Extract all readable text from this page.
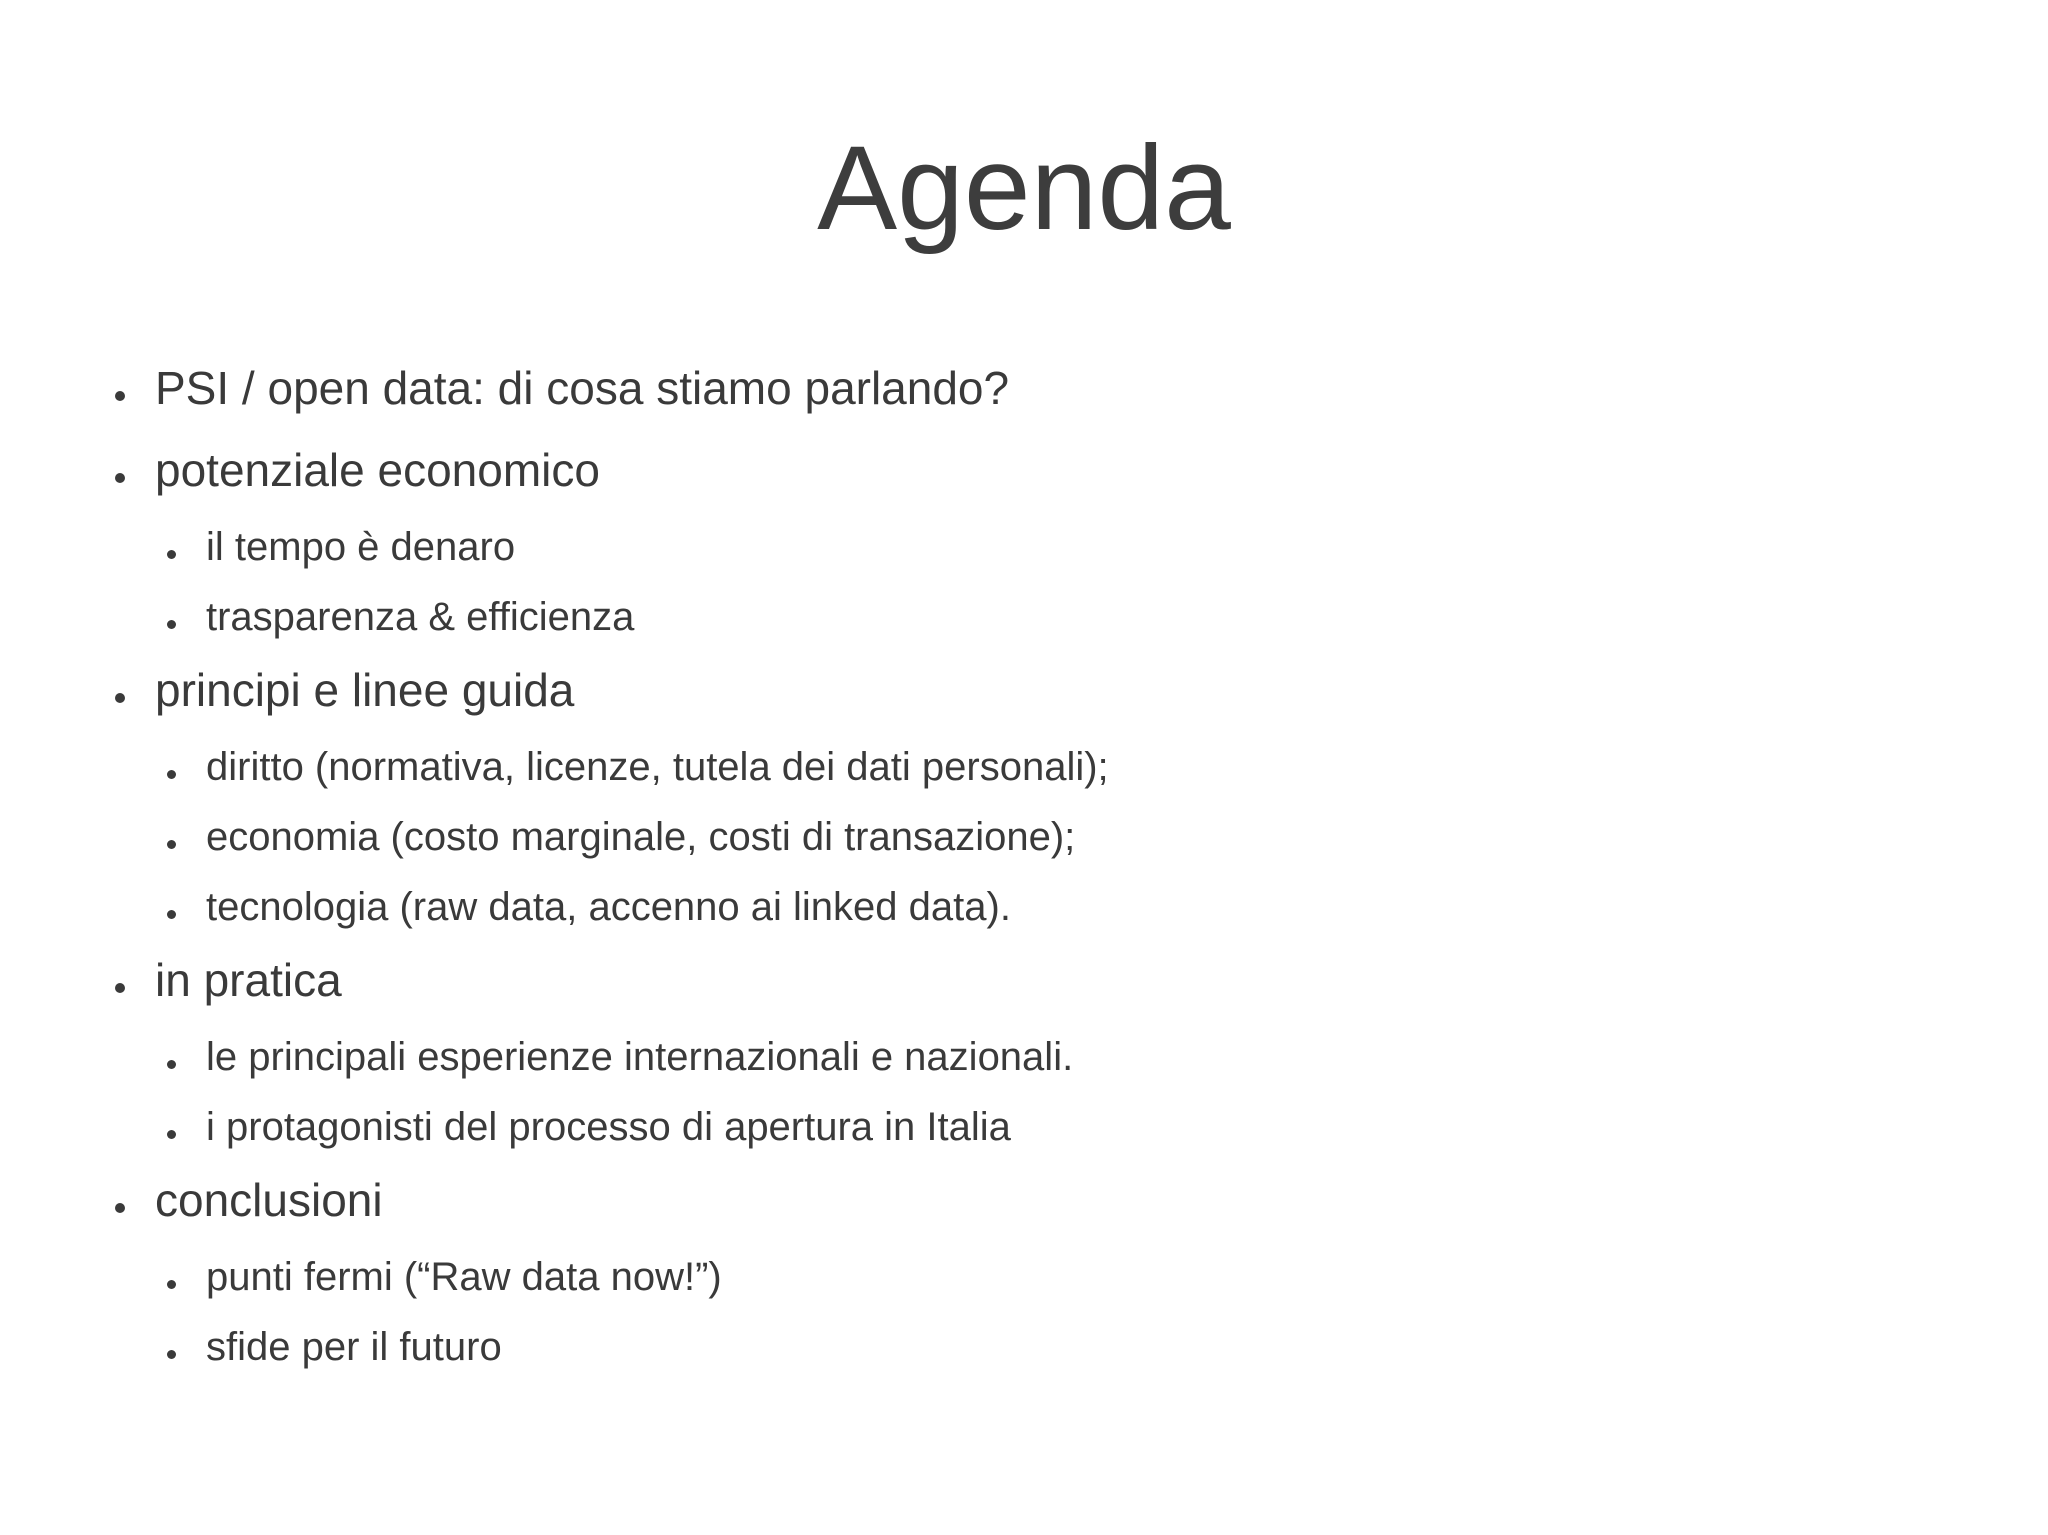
Agenda
PSI / open data: di cosa stiamo parlando?
potenziale economico
il tempo è denaro
trasparenza & efficienza
principi e linee guida
diritto (normativa, licenze, tutela dei dati personali);
economia (costo marginale, costi di transazione);
tecnologia (raw data, accenno ai linked data).
in pratica
le principali esperienze internazionali e nazionali.
i protagonisti del processo di apertura in Italia
conclusioni
punti fermi (“Raw data now!”)
sfide per il futuro
